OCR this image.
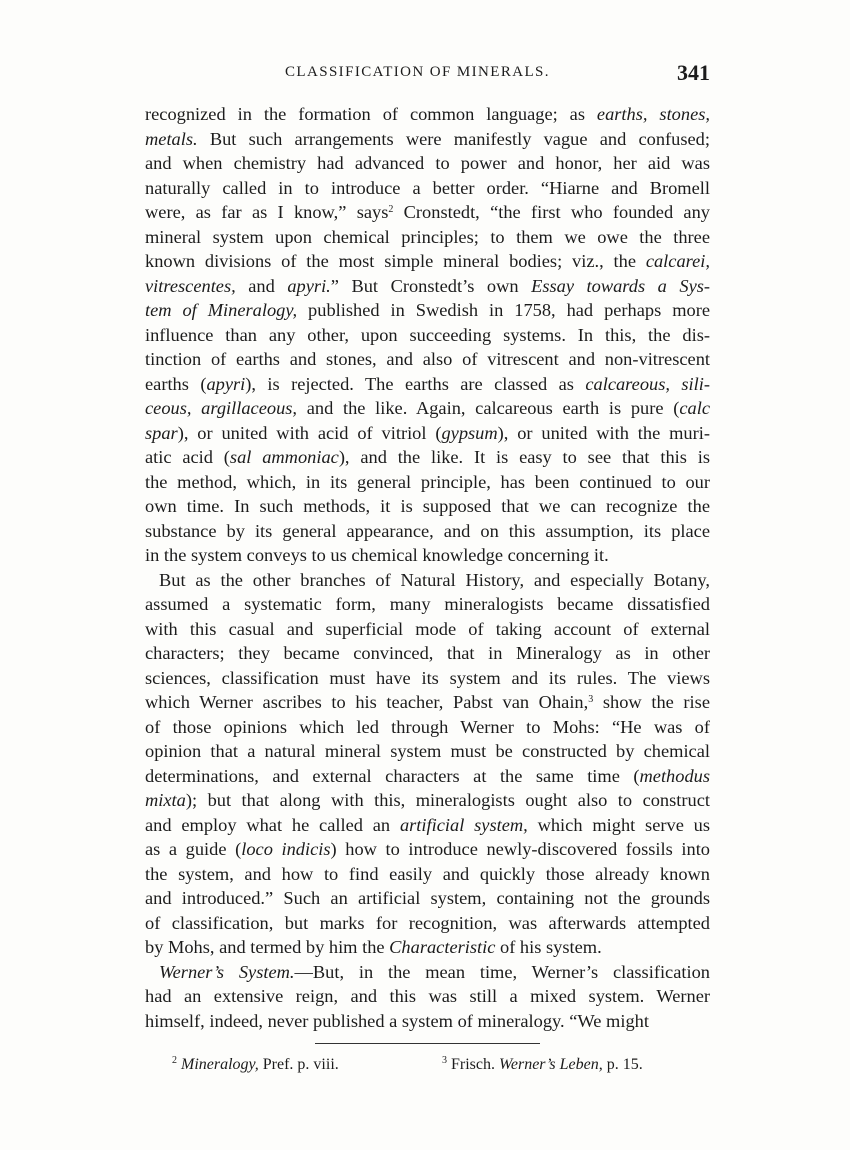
CLASSIFICATION OF MINERALS.	341
recognized in the formation of common language; as earths, stones,
metals. But such arrangements were manifestly vague and confused;
and when chemistry had advanced to power and honor, her aid was
naturally called in to introduce a better order. “Hiarne and Bromell
were, as far as I know,” says$^2$ Cronstedt, “the first who founded any
mineral system upon chemical principles; to them we owe the three
known divisions of the most simple mineral bodies; viz., the calcarei,
vitrescentes, and apyri.” But Cronstedt’s own Essay towards a Sys-
tem of Mineralogy, published in Swedish in 1758, had perhaps more
influence than any other, upon succeeding systems. In this, the dis-
tinction of earths and stones, and also of vitrescent and non-vitrescent
earths (apyri), is rejected. The earths are classed as calcareous, sili-
ceous, argillaceous, and the like. Again, calcareous earth is pure (calc
spar), or united with acid of vitriol (gypsum), or united with the muri-
atic acid (sal ammoniac), and the like. It is easy to see that this is
the method, which, in its general principle, has been continued to our
own time. In such methods, it is supposed that we can recognize the
substance by its general appearance, and on this assumption, its place
in the system conveys to us chemical knowledge concerning it.
But as the other branches of Natural History, and especially Botany,
assumed a systematic form, many mineralogists became dissatisfied
with this casual and superficial mode of taking account of external
characters; they became convinced, that in Mineralogy as in other
sciences, classification must have its system and its rules. The views
which Werner ascribes to his teacher, Pabst van Ohain,$^3$ show the rise
of those opinions which led through Werner to Mohs: “He was of
opinion that a natural mineral system must be constructed by chemical
determinations, and external characters at the same time (methodus
mixta); but that along with this, mineralogists ought also to construct
and employ what he called an artificial system, which might serve us
as a guide (loco indicis) how to introduce newly-discovered fossils into
the system, and how to find easily and quickly those already known
and introduced.” Such an artificial system, containing not the grounds
of classification, but marks for recognition, was afterwards attempted
by Mohs, and termed by him the Characteristic of his system.
Werner’s System.—But, in the mean time, Werner’s classification
had an extensive reign, and this was still a mixed system. Werner
himself, indeed, never published a system of mineralogy. “We might
$^2$ Mineralogy, Pref. p. viii.	$^3$ Frisch. Werner’s Leben, p. 15.
